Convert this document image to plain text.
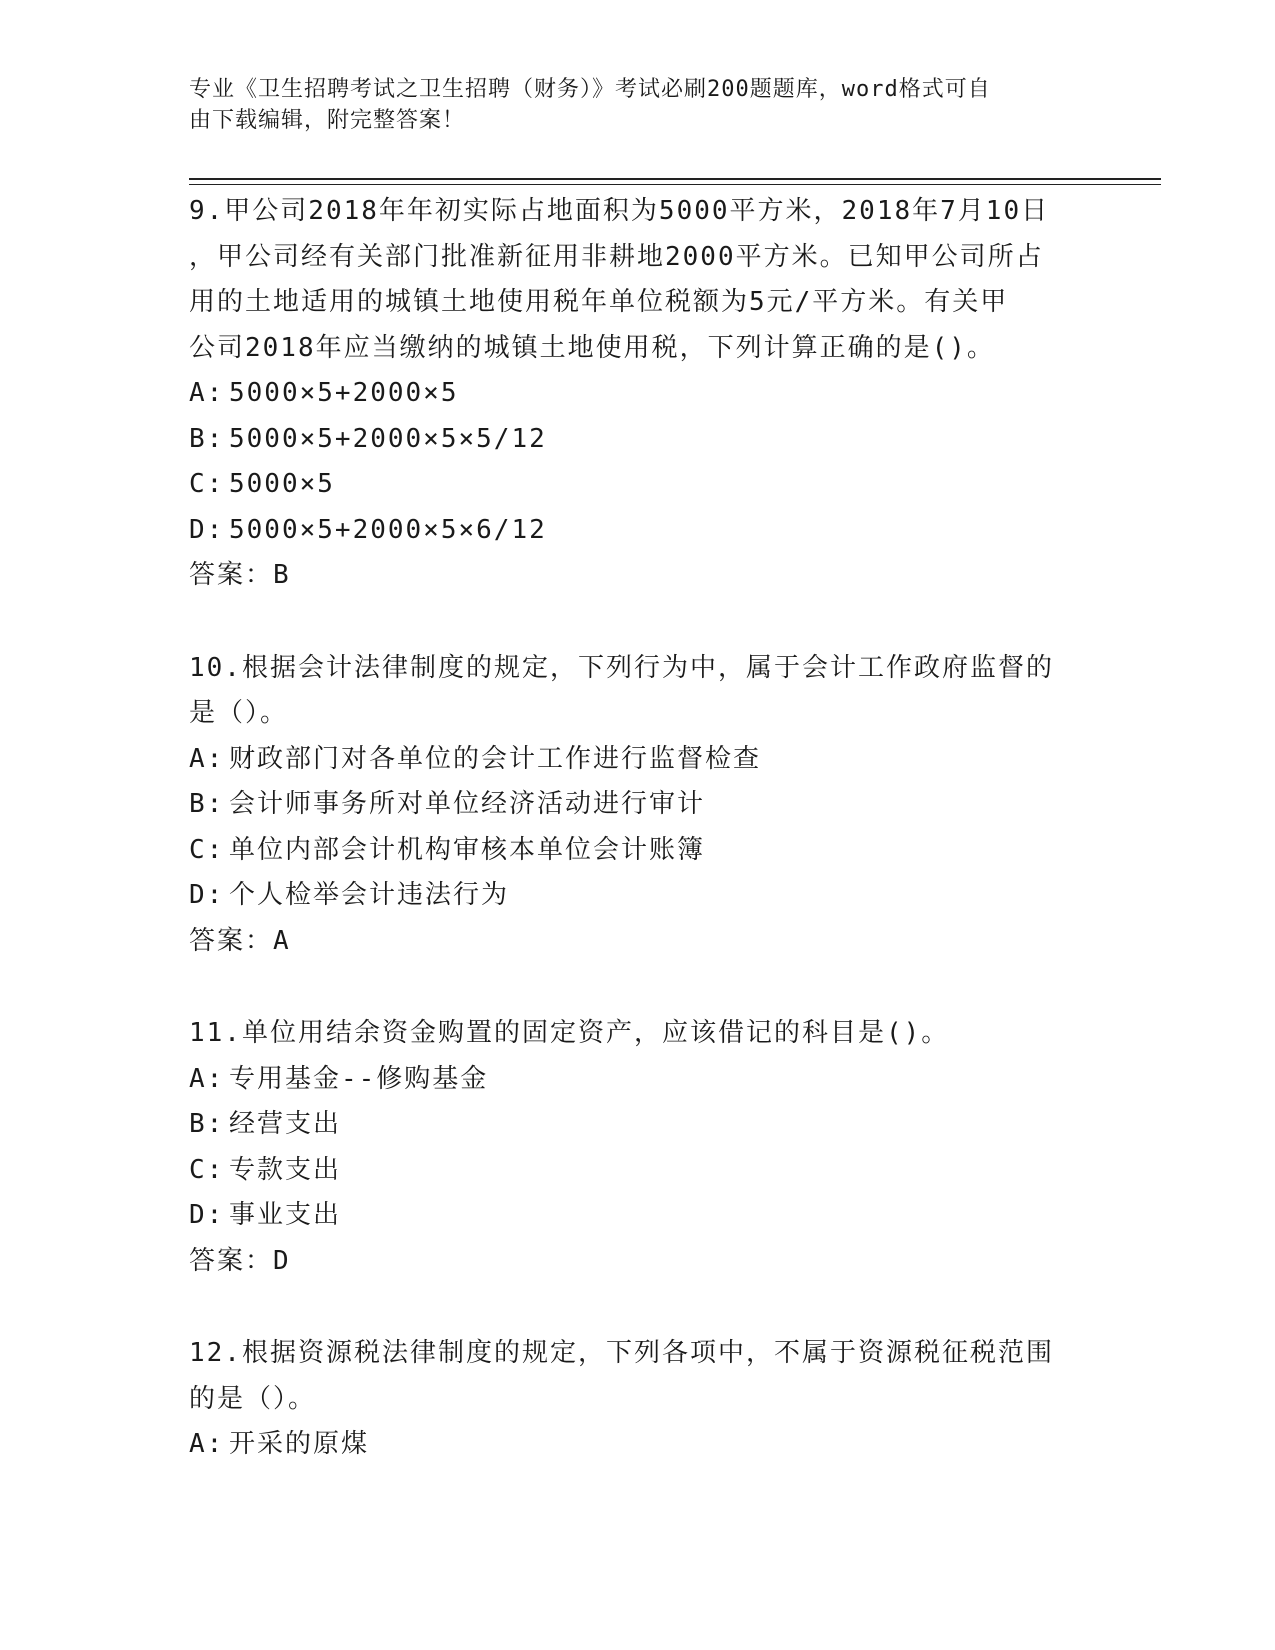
专业《卫生招聘考试之卫生招聘（财务）》考试必刷200题题库，word格式可自
由下载编辑，附完整答案！
9.甲公司2018年年初实际占地面积为5000平方米，2018年7月10日
，甲公司经有关部门批准新征用非耕地2000平方米。已知甲公司所占
用的土地适用的城镇土地使用税年单位税额为5元/平方米。有关甲
公司2018年应当缴纳的城镇土地使用税，下列计算正确的是()。
A: 5000×5+2000×5
B: 5000×5+2000×5×5/12
C: 5000×5
D: 5000×5+2000×5×6/12
答案：B
10.根据会计法律制度的规定，下列行为中，属于会计工作政府监督的
是（）。
A: 财政部门对各单位的会计工作进行监督检查
B: 会计师事务所对单位经济活动进行审计
C: 单位内部会计机构审核本单位会计账簿
D: 个人检举会计违法行为
答案：A
11.单位用结余资金购置的固定资产，应该借记的科目是()。
A: 专用基金--修购基金
B: 经营支出
C: 专款支出
D: 事业支出
答案：D
12.根据资源税法律制度的规定，下列各项中，不属于资源税征税范围
的是（）。
A: 开采的原煤
